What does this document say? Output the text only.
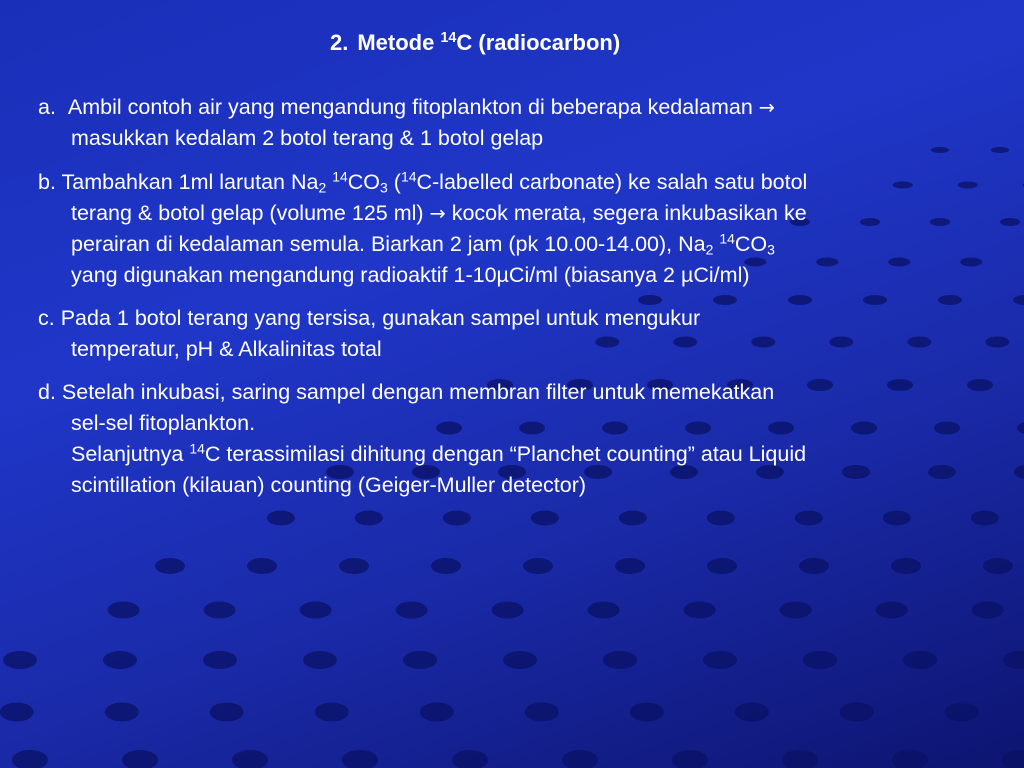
2. Metode $^{14}$C (radiocarbon)
a. Ambil contoh air yang mengandung fitoplankton di beberapa kedalaman →
masukkan kedalam 2 botol terang & 1 botol gelap
b. Tambahkan 1ml larutan $Na_2$ $^{14}CO_3$ ($^{14}$C-labelled carbonate) ke salah satu botol
terang & botol gelap (volume 125 ml) → kocok merata, segera inkubasikan ke
perairan di kedalaman semula. Biarkan 2 jam (pk 10.00-14.00), $Na_2$ $^{14}CO_3$
yang digunakan mengandung radioaktif 1-10µCi/ml (biasanya 2 µCi/ml)
c. Pada 1 botol terang yang tersisa, gunakan sampel untuk mengukur
temperatur, pH & Alkalinitas total
d. Setelah inkubasi, saring sampel dengan membran filter untuk memekatkan
sel-sel fitoplankton.
Selanjutnya $^{14}$C terassimilasi dihitung dengan “Planchet counting” atau Liquid
scintillation (kilauan) counting (Geiger-Muller detector)
